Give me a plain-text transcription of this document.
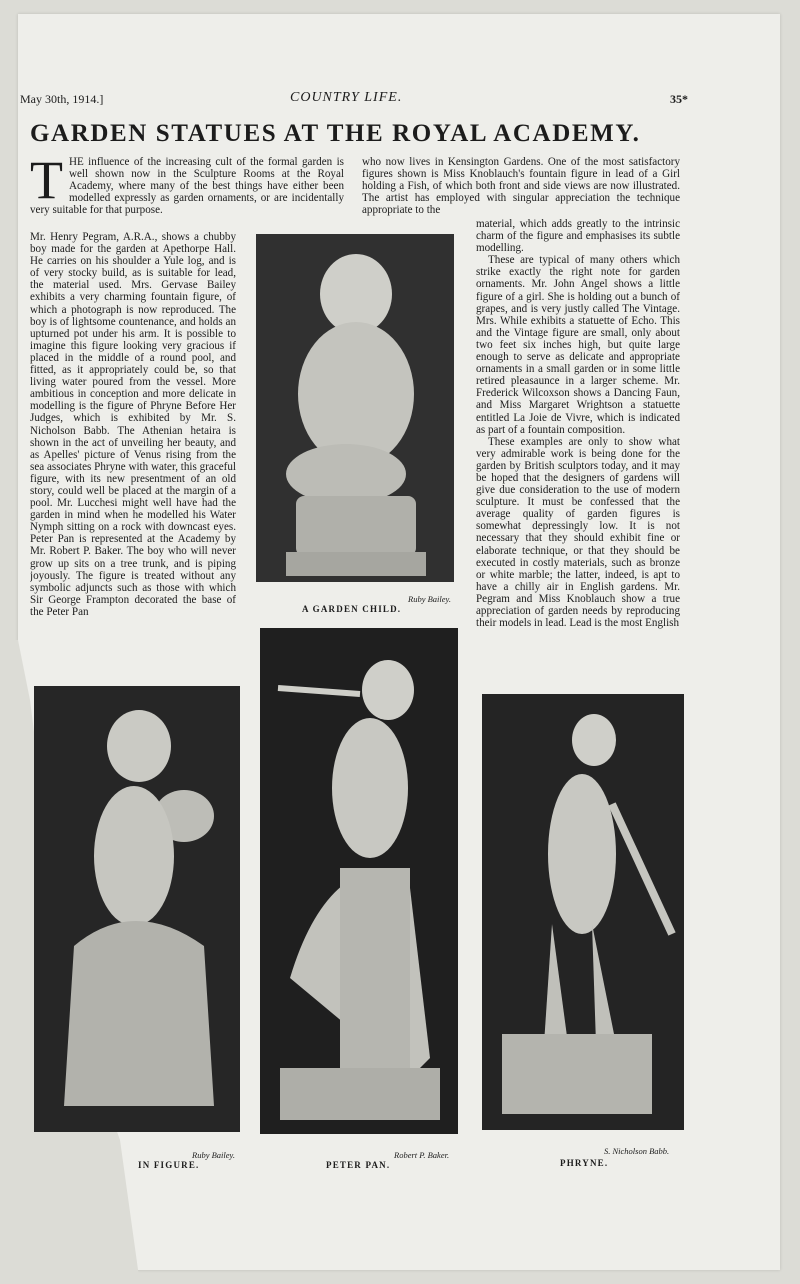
May 30th, 1914.]	COUNTRY LIFE.	35*
GARDEN STATUES AT THE ROYAL ACADEMY.
T HE influence of the increasing cult of the formal garden is well shown now in the Sculpture Rooms at the Royal Academy, where many of the best things have either been modelled expressly as garden ornaments, or are incidentally very suitable for that purpose.

Mr. Henry Pegram, A.R.A., shows a chubby boy made for the garden at Apethorpe Hall. He carries on his shoulder a Yule log, and is of very stocky build, as is suitable for lead, the material used. Mrs. Gervase Bailey exhibits a very charming fountain figure, of which a photograph is now reproduced. The boy is of lightsome countenance, and holds an upturned pot under his arm. It is possible to imagine this figure looking very gracious if placed in the middle of a round pool, and fitted, as it appropriately could be, so that living water poured from the vessel. More ambitious in conception and more delicate in modelling is the figure of Phryne Before Her Judges, which is exhibited by Mr. S. Nicholson Babb. The Athenian hetaira is shown in the act of unveiling her beauty, and as Apelles' picture of Venus rising from the sea associates Phryne with water, this graceful figure, with its new presentment of an old story, could well be placed at the margin of a pool. Mr. Lucchesi might well have had the garden in mind when he modelled his Water Nymph sitting on a rock with downcast eyes. Peter Pan is represented at the Academy by Mr. Robert P. Baker. The boy who will never grow up sits on a tree trunk, and is piping joyously. The figure is treated without any symbolic adjuncts such as those with which Sir George Frampton decorated the base of the Peter Pan

who now lives in Kensington Gardens. One of the most satisfactory figures shown is Miss Knoblauch's fountain figure in lead of a Girl holding a Fish, of which both front and side views are now illustrated. The artist has employed with singular appreciation the technique appropriate to the

material, which adds greatly to the intrinsic charm of the figure and emphasises its subtle modelling.

These are typical of many others which strike exactly the right note for garden ornaments. Mr. John Angel shows a little figure of a girl. She is holding out a bunch of grapes, and is very justly called The Vintage. Mrs. While exhibits a statuette of Echo. This and the Vintage figure are small, only about two feet six inches high, but quite large enough to serve as delicate and appropriate ornaments in a small garden or in some little retired pleasaunce in a larger scheme. Mr. Frederick Wilcoxson shows a Dancing Faun, and Miss Margaret Wrightson a statuette entitled La Joie de Vivre, which is indicated as part of a fountain composition.

These examples are only to show what very admirable work is being done for the garden by British sculptors today, and it may be hoped that the designers of gardens will give due consideration to the use of modern sculpture. It must be confessed that the average quality of garden figures is somewhat depressingly low. It is not necessary that they should exhibit fine or elaborate technique, or that they should be executed in costly materials, such as bronze or white marble; the latter, indeed, is apt to have a chilly air in English gardens. Mr. Pegram and Miss Knoblauch show a true appreciation of garden needs by reproducing their models in lead. Lead is the most English

Ruby Bailey.
A GARDEN CHILD.
Ruby Bailey.
IN FIGURE.
Robert P. Baker.
PETER PAN.
S. Nicholson Babb.
PHRYNE.
